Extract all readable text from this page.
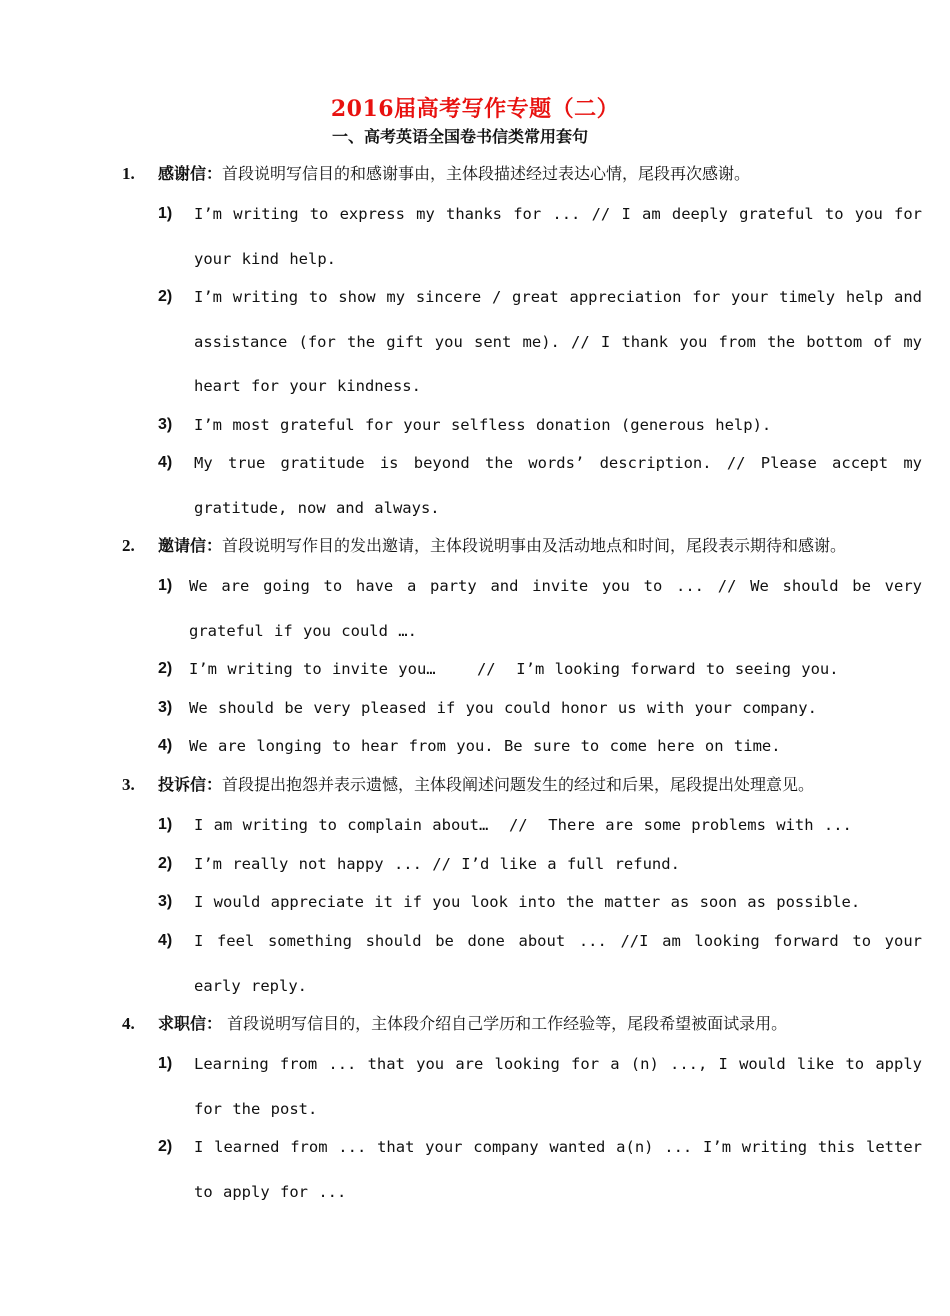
2016届高考写作专题（二）
一、高考英语全国卷书信类常用套句
1. 感谢信：首段说明写信目的和感谢事由，主体段描述经过表达心情，尾段再次感谢。
1) I’m writing to express my thanks for ... // I am deeply grateful to you for your kind help.
2) I’m writing to show my sincere / great appreciation for your timely help and assistance (for the gift you sent me). // I thank you from the bottom of my heart for your kindness.
3) I’m most grateful for your selfless donation (generous help).
4) My true gratitude is beyond the words’ description. // Please accept my gratitude, now and always.
2. 邀请信：首段说明写作目的发出邀请，主体段说明事由及活动地点和时间，尾段表示期待和感谢。
1) We are going to have a party and invite you to ... // We should be very grateful if you could ….
2) I’m writing to invite you…    //  I’m looking forward to seeing you.
3) We should be very pleased if you could honor us with your company.
4) We are longing to hear from you. Be sure to come here on time.
3. 投诉信：首段提出抱怨并表示遗憾，主体段阐述问题发生的经过和后果，尾段提出处理意见。
1) I am writing to complain about…  //  There are some problems with ...
2) I’m really not happy ... // I’d like a full refund.
3) I would appreciate it if you look into the matter as soon as possible.
4) I feel something should be done about ... //I am looking forward to your early reply.
4. 求职信： 首段说明写信目的，主体段介绍自己学历和工作经验等，尾段希望被面试录用。
1) Learning from ... that you are looking for a (n) ..., I would like to apply for the post.
2) I learned from ... that your company wanted a(n) ... I’m writing this letter to apply for ...
